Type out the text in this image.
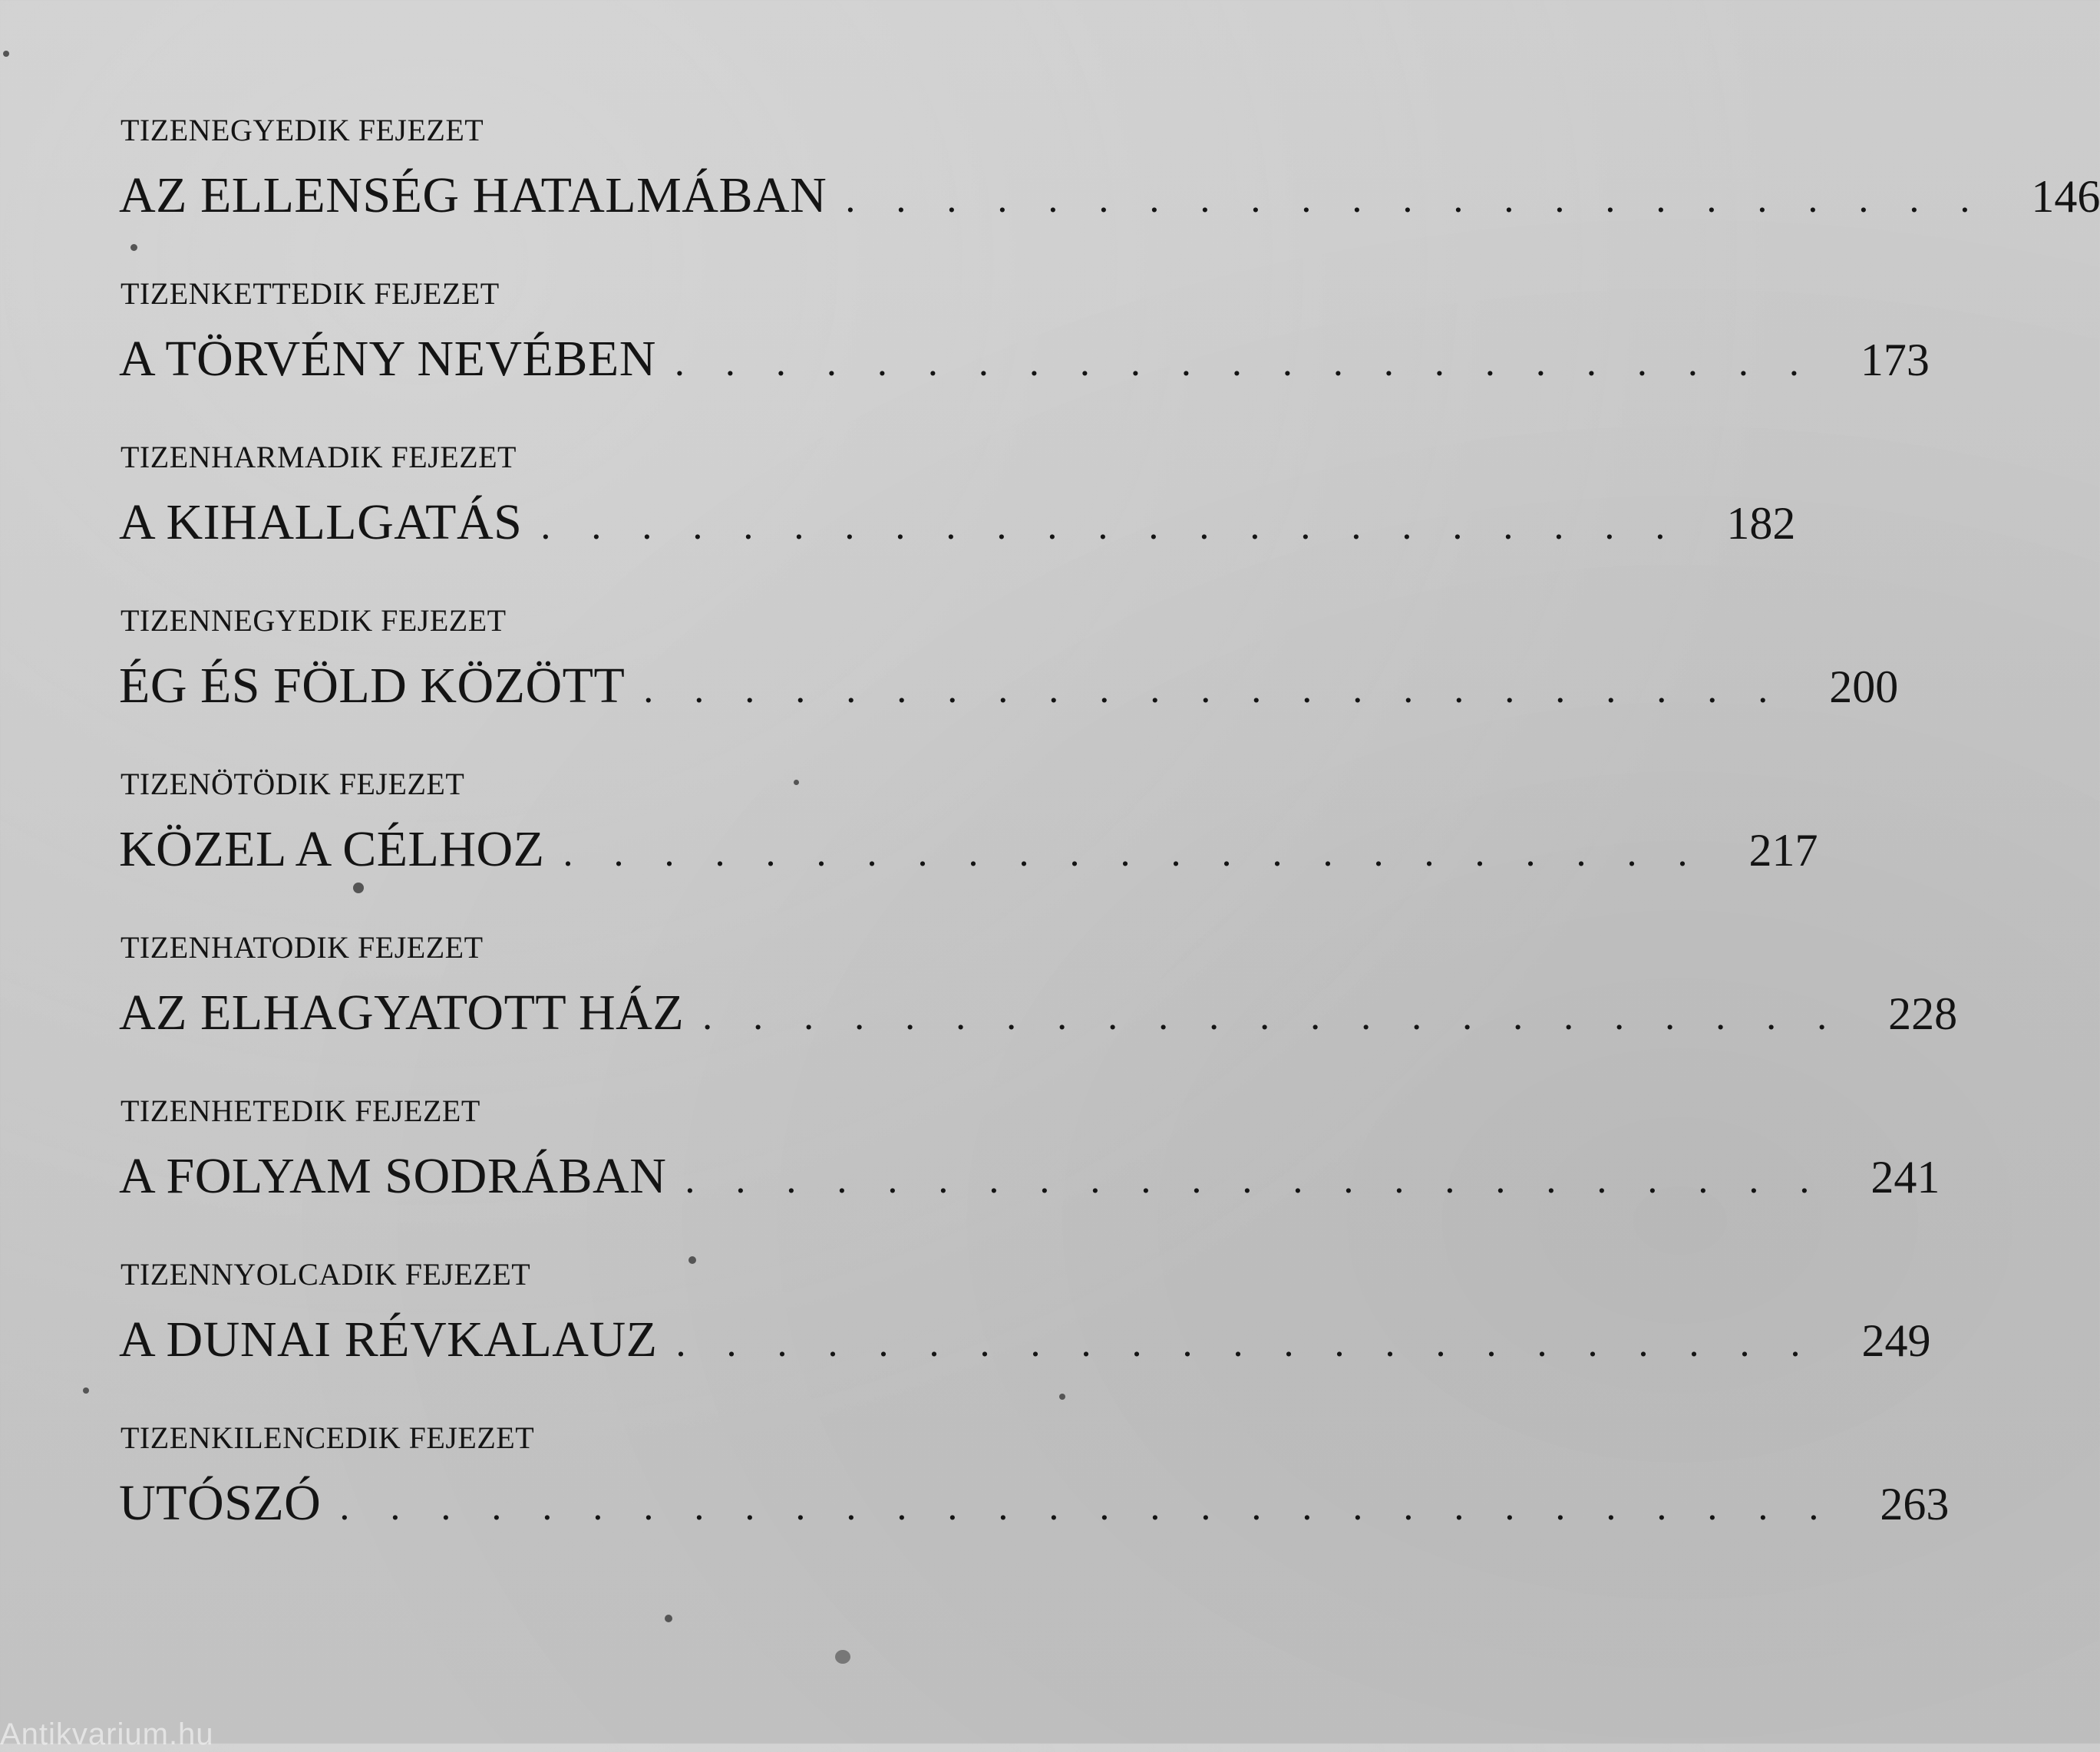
TIZENEGYEDIK FEJEZET
AZ ELLENSÉG HATALMÁBAN . . . . . . . . . . . . . . . . . . . . . . . 146
TIZENKETTEDIK FEJEZET
A TÖRVÉNY NEVÉBEN . . . . . . . . . . . . . . . . . . . . . . . 173
TIZENHARMADIK FEJEZET
A KIHALLGATÁS . . . . . . . . . . . . . . . . . . . . . . . 182
TIZENNEGYEDIK FEJEZET
ÉG ÉS FÖLD KÖZÖTT . . . . . . . . . . . . . . . . . . . . . . . 200
TIZENÖTÖDIK FEJEZET
KÖZEL A CÉLHOZ . . . . . . . . . . . . . . . . . . . . . . . 217
TIZENHATODIK FEJEZET
AZ ELHAGYATOTT HÁZ . . . . . . . . . . . . . . . . . . . . . . . 228
TIZENHETEDIK FEJEZET
A FOLYAM SODRÁBAN . . . . . . . . . . . . . . . . . . . . . . . 241
TIZENNYOLCADIK FEJEZET
A DUNAI RÉVKALAUZ . . . . . . . . . . . . . . . . . . . . . . . 249
TIZENKILENCEDIK FEJEZET
UTÓSZÓ . . . . . . . . . . . . . . . . . . . . . . . . . . . . . . 263
Antikvarium.hu
